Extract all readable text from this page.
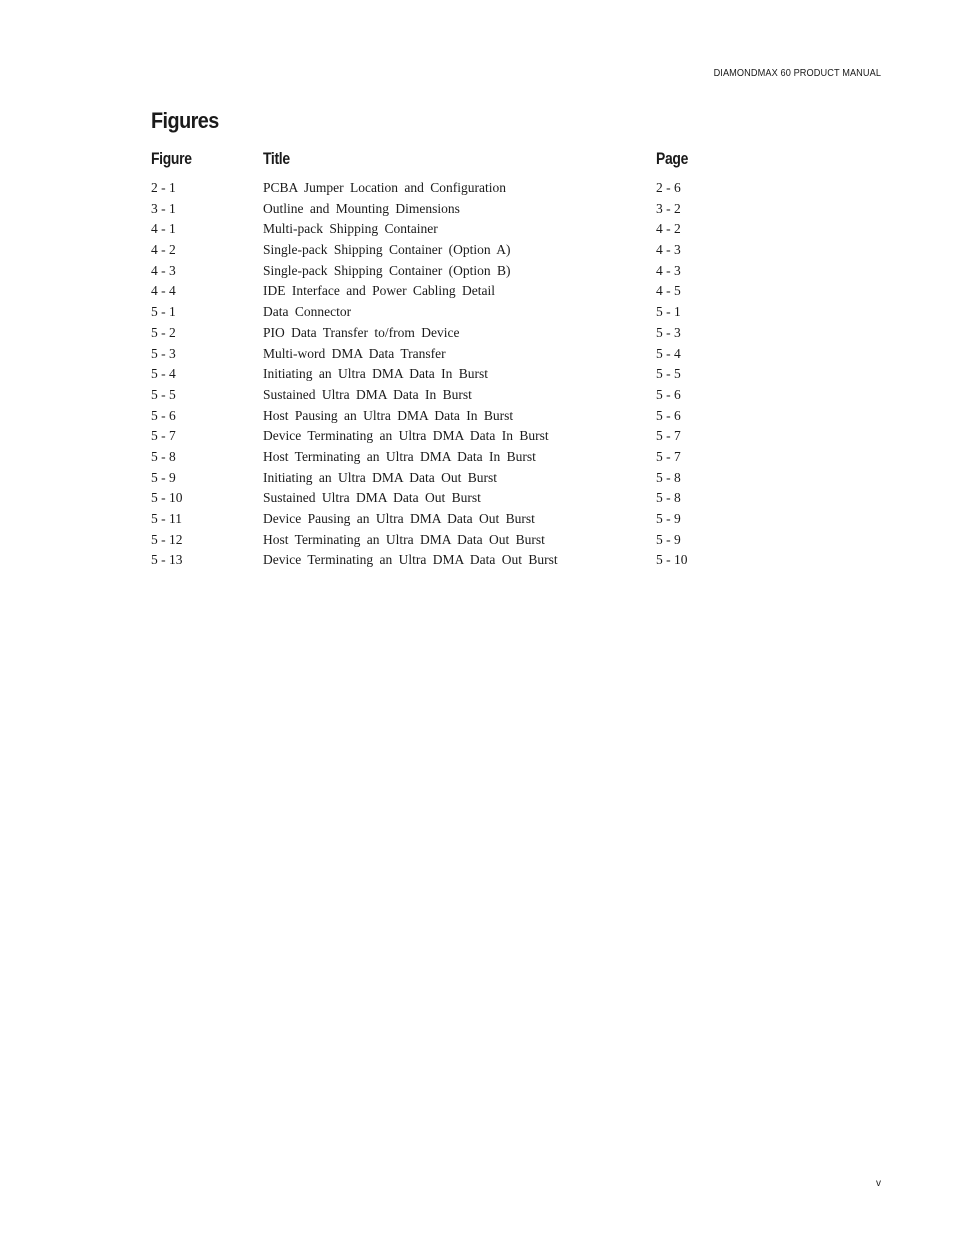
DIAMONDMAX 60 PRODUCT MANUAL
Figures
Figure	Title	Page
2 - 1	PCBA Jumper Location and Configuration	2 - 6
3 - 1	Outline and Mounting Dimensions	3 - 2
4 - 1	Multi-pack Shipping Container	4 - 2
4 - 2	Single-pack Shipping Container (Option A)	4 - 3
4 - 3	Single-pack Shipping Container (Option B)	4 - 3
4 - 4	IDE Interface and Power Cabling Detail	4 - 5
5 - 1	Data Connector	5 - 1
5 - 2	PIO Data Transfer to/from Device	5 - 3
5 - 3	Multi-word DMA Data Transfer	5 - 4
5 - 4	Initiating an Ultra DMA Data In Burst	5 - 5
5 - 5	Sustained Ultra DMA Data In Burst	5 - 6
5 - 6	Host Pausing an Ultra DMA Data In Burst	5 - 6
5 - 7	Device Terminating an Ultra DMA Data In Burst	5 - 7
5 - 8	Host Terminating an Ultra DMA Data In Burst	5 - 7
5 - 9	Initiating an Ultra DMA Data Out Burst	5 - 8
5 - 10	Sustained Ultra DMA Data Out Burst	5 - 8
5 - 11	Device Pausing an Ultra DMA Data Out Burst	5 - 9
5 - 12	Host Terminating an Ultra DMA Data Out Burst	5 - 9
5 - 13	Device Terminating an Ultra DMA Data Out Burst	5 - 10
v
